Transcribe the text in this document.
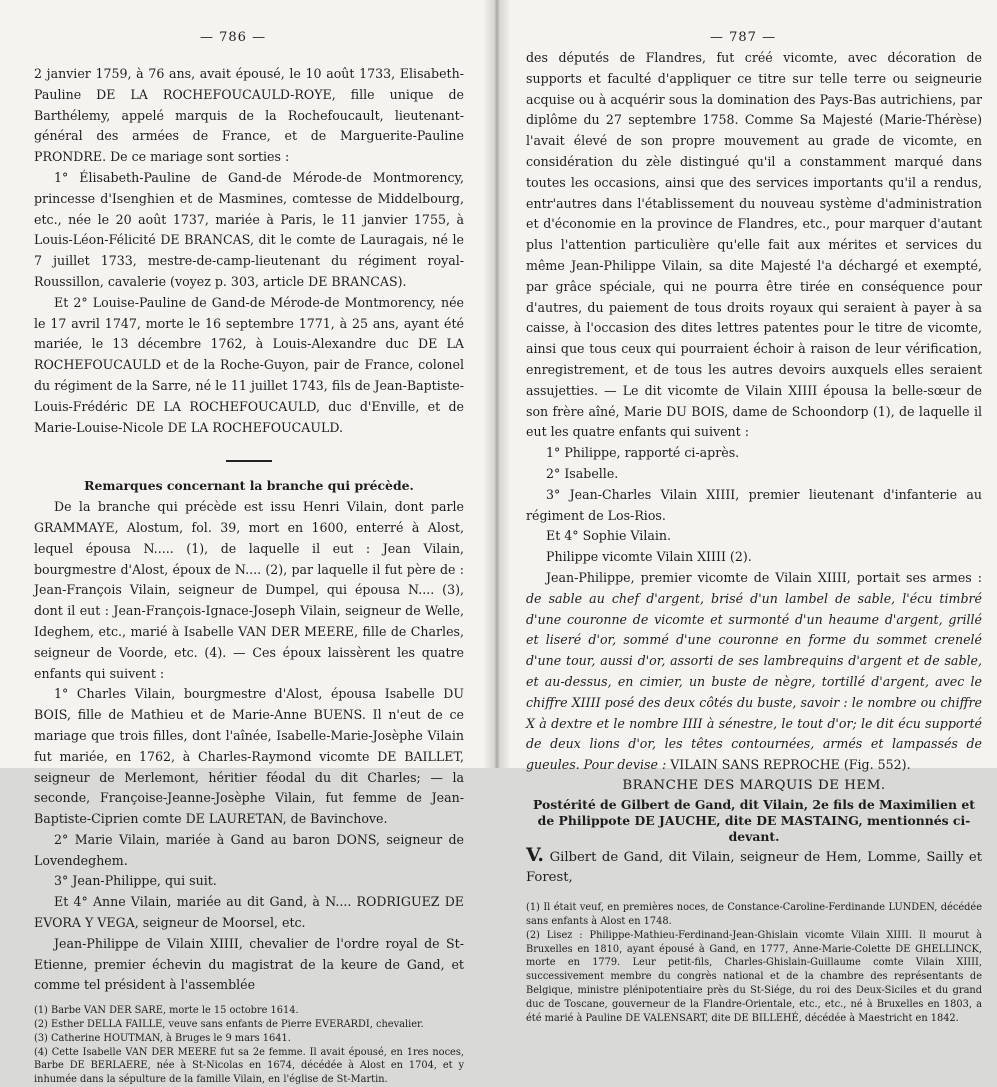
— 786 —

2 janvier 1759, à 76 ans, avait épousé, le 10 août 1733, Elisabeth-Pauline DE LA ROCHEFOUCAULD-ROYE, fille unique de Barthélemy, appelé marquis de la Rochefoucault, lieutenant-général des armées de France, et de Marguerite-Pauline PRONDRE. De ce mariage sont sorties :

1° Élisabeth-Pauline de Gand-de Mérode-de Montmorency, princesse d'Isenghien et de Masmines, comtesse de Middelbourg, etc., née le 20 août 1737, mariée à Paris, le 11 janvier 1755, à Louis-Léon-Félicité DE BRANCAS, dit le comte de Lauragais, né le 7 juillet 1733, mestre-de-camp-lieutenant du régiment royal-Roussillon, cavalerie (voyez p. 303, article DE BRANCAS).

Et 2° Louise-Pauline de Gand-de Mérode-de Montmorency, née le 17 avril 1747, morte le 16 septembre 1771, à 25 ans, ayant été mariée, le 13 décembre 1762, à Louis-Alexandre duc DE LA ROCHEFOUCAULD et de la Roche-Guyon, pair de France, colonel du régiment de la Sarre, né le 11 juillet 1743, fils de Jean-Baptiste-Louis-Frédéric DE LA ROCHEFOUCAULD, duc d'Enville, et de Marie-Louise-Nicole DE LA ROCHEFOUCAULD.

Remarques concernant la branche qui précède.

De la branche qui précède est issu Henri Vilain, dont parle GRAMMAYE, Alostum, fol. 39, mort en 1600, enterré à Alost, lequel épousa N..... (1), de laquelle il eut : Jean Vilain, bourgmestre d'Alost, époux de N.... (2), par laquelle il fut père de : Jean-François Vilain, seigneur de Dumpel, qui épousa N.... (3), dont il eut : Jean-François-Ignace-Joseph Vilain, seigneur de Welle, Ideghem, etc., marié à Isabelle VAN DER MEERE, fille de Charles, seigneur de Voorde, etc. (4). — Ces époux laissèrent les quatre enfants qui suivent :

1° Charles Vilain, bourgmestre d'Alost, épousa Isabelle DU BOIS, fille de Mathieu et de Marie-Anne BUENS. Il n'eut de ce mariage que trois filles, dont l'aînée, Isabelle-Marie-Josèphe Vilain fut mariée, en 1762, à Charles-Raymond vicomte DE BAILLET, seigneur de Merlemont, héritier féodal du dit Charles; — la seconde, Françoise-Jeanne-Josèphe Vilain, fut femme de Jean-Baptiste-Ciprien comte DE LAURETAN, de Bavinchove.

2° Marie Vilain, mariée à Gand au baron DONS, seigneur de Lovendeghem.

3° Jean-Philippe, qui suit.

Et 4° Anne Vilain, mariée au dit Gand, à N.... RODRIGUEZ DE EVORA Y VEGA, seigneur de Moorsel, etc.

Jean-Philippe de Vilain XIIII, chevalier de l'ordre royal de St-Etienne, premier échevin du magistrat de la keure de Gand, et comme tel président à l'assemblée

(1) Barbe VAN DER SARE, morte le 15 octobre 1614.

(2) Esther DELLA FAILLE, veuve sans enfants de Pierre EVERARDI, chevalier.

(3) Catherine HOUTMAN, à Bruges le 9 mars 1641.

(4) Cette Isabelle VAN DER MEERE fut sa 2e femme. Il avait épousé, en 1res noces, Barbe DE BERLAERE, née à St-Nicolas en 1674, décédée à Alost en 1704, et y inhumée dans la sépulture de la famille Vilain, en l'église de St-Martin.

— 787 —

des députés de Flandres, fut créé vicomte, avec décoration de supports et faculté d'appliquer ce titre sur telle terre ou seigneurie acquise ou à acquérir sous la domination des Pays-Bas autrichiens, par diplôme du 27 septembre 1758. Comme Sa Majesté (Marie-Thérèse) l'avait élevé de son propre mouvement au grade de vicomte, en considération du zèle distingué qu'il a constamment marqué dans toutes les occasions, ainsi que des services importants qu'il a rendus, entr'autres dans l'établissement du nouveau système d'administration et d'économie en la province de Flandres, etc., pour marquer d'autant plus l'attention particulière qu'elle fait aux mérites et services du même Jean-Philippe Vilain, sa dite Majesté l'a déchargé et exempté, par grâce spéciale, qui ne pourra être tirée en conséquence pour d'autres, du paiement de tous droits royaux qui seraient à payer à sa caisse, à l'occasion des dites lettres patentes pour le titre de vicomte, ainsi que tous ceux qui pourraient échoir à raison de leur vérification, enregistrement, et de tous les autres devoirs auxquels elles seraient assujetties. — Le dit vicomte de Vilain XIIII épousa la belle-sœur de son frère aîné, Marie DU BOIS, dame de Schoondorp (1), de laquelle il eut les quatre enfants qui suivent :

1° Philippe, rapporté ci-après.

2° Isabelle.

3° Jean-Charles Vilain XIIII, premier lieutenant d'infanterie au régiment de Los-Rios.

Et 4° Sophie Vilain.

Philippe vicomte Vilain XIIII (2).

Jean-Philippe, premier vicomte de Vilain XIIII, portait ses armes : de sable au chef d'argent, brisé d'un lambel de sable, l'écu timbré d'une couronne de vicomte et surmonté d'un heaume d'argent, grillé et liseré d'or, sommé d'une couronne en forme du sommet crenelé d'une tour, aussi d'or, assorti de ses lambrequins d'argent et de sable, et au-dessus, en cimier, un buste de nègre, tortillé d'argent, avec le chiffre XIIII posé des deux côtés du buste, savoir : le nombre ou chiffre X à dextre et le nombre IIII à sénestre, le tout d'or; le dit écu supporté de deux lions d'or, les têtes contournées, armés et lampassés de gueules. Pour devise : VILAIN SANS REPROCHE (Fig. 552).

BRANCHE DES MARQUIS DE HEM.

Postérité de Gilbert de Gand, dit Vilain, 2e fils de Maximilien et de Philippote DE JAUCHE, dite DE MASTAING, mentionnés ci-devant.

V. Gilbert de Gand, dit Vilain, seigneur de Hem, Lomme, Sailly et Forest,

(1) Il était veuf, en premières noces, de Constance-Caroline-Ferdinande LUNDEN, décédée sans enfants à Alost en 1748.

(2) Lisez : Philippe-Mathieu-Ferdinand-Jean-Ghislain vicomte Vilain XIIII. Il mourut à Bruxelles en 1810, ayant épousé à Gand, en 1777, Anne-Marie-Colette DE GHELLINCK, morte en 1779. Leur petit-fils, Charles-Ghislain-Guillaume comte Vilain XIIII, successivement membre du congrès national et de la chambre des représentants de Belgique, ministre plénipotentiaire près du St-Siége, du roi des Deux-Siciles et du grand duc de Toscane, gouverneur de la Flandre-Orientale, etc., etc., né à Bruxelles en 1803, a été marié à Pauline DE VALENSART, dite DE BILLEHÉ, décédée à Maestricht en 1842.
